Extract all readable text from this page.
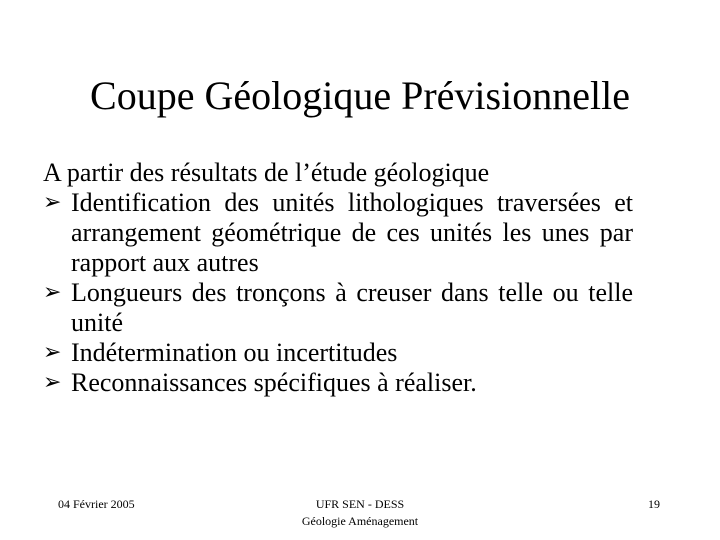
Coupe Géologique Prévisionnelle

A partir des résultats de l’étude géologique

➢ Identification des unités lithologiques traversées et arrangement géométrique de ces unités les unes par rapport aux autres
➢ Longueurs des tronçons à creuser dans telle ou telle unité
➢ Indétermination ou incertitudes
➢ Reconnaissances spécifiques à réaliser.
04 Février 2005	UFR SEN - DESS
Géologie Aménagement
19
